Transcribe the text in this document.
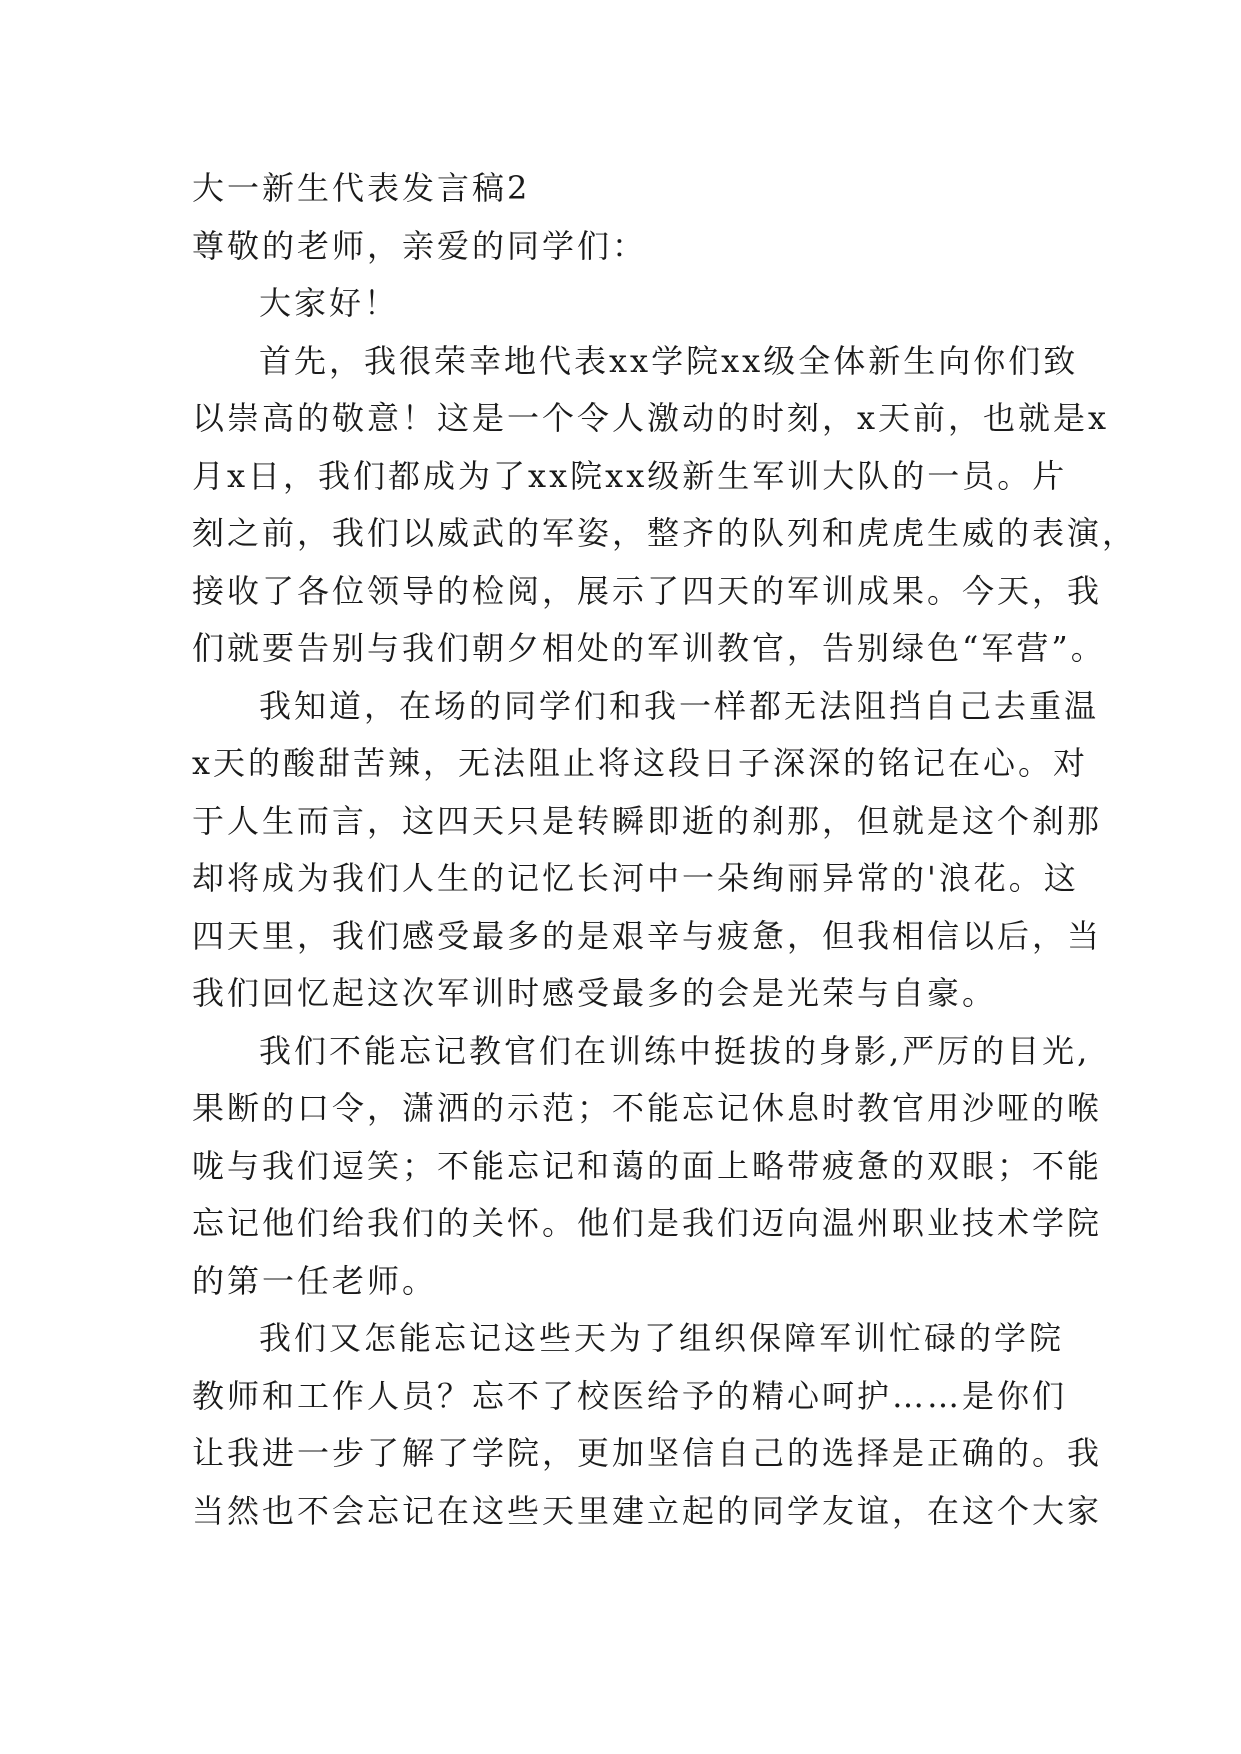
大一新生代表发言稿2
尊敬的老师，亲爱的同学们：
大家好！
首先，我很荣幸地代表xx学院xx级全体新生向你们致
以崇高的敬意！这是一个令人激动的时刻，x天前，也就是x
月x日，我们都成为了xx院xx级新生军训大队的一员。片
刻之前，我们以威武的军姿，整齐的队列和虎虎生威的表演，
接收了各位领导的检阅，展示了四天的军训成果。今天，我
们就要告别与我们朝夕相处的军训教官，告别绿色“军营”。
我知道，在场的同学们和我一样都无法阻挡自己去重温
x天的酸甜苦辣，无法阻止将这段日子深深的铭记在心。对
于人生而言，这四天只是转瞬即逝的刹那，但就是这个刹那
却将成为我们人生的记忆长河中一朵绚丽异常的'浪花。这
四天里，我们感受最多的是艰辛与疲惫，但我相信以后，当
我们回忆起这次军训时感受最多的会是光荣与自豪。
我们不能忘记教官们在训练中挺拔的身影,严厉的目光,
果断的口令，潇洒的示范；不能忘记休息时教官用沙哑的喉
咙与我们逗笑；不能忘记和蔼的面上略带疲惫的双眼；不能
忘记他们给我们的关怀。他们是我们迈向温州职业技术学院
的第一任老师。
我们又怎能忘记这些天为了组织保障军训忙碌的学院
教师和工作人员？忘不了校医给予的精心呵护……是你们
让我进一步了解了学院，更加坚信自己的选择是正确的。我
当然也不会忘记在这些天里建立起的同学友谊，在这个大家
